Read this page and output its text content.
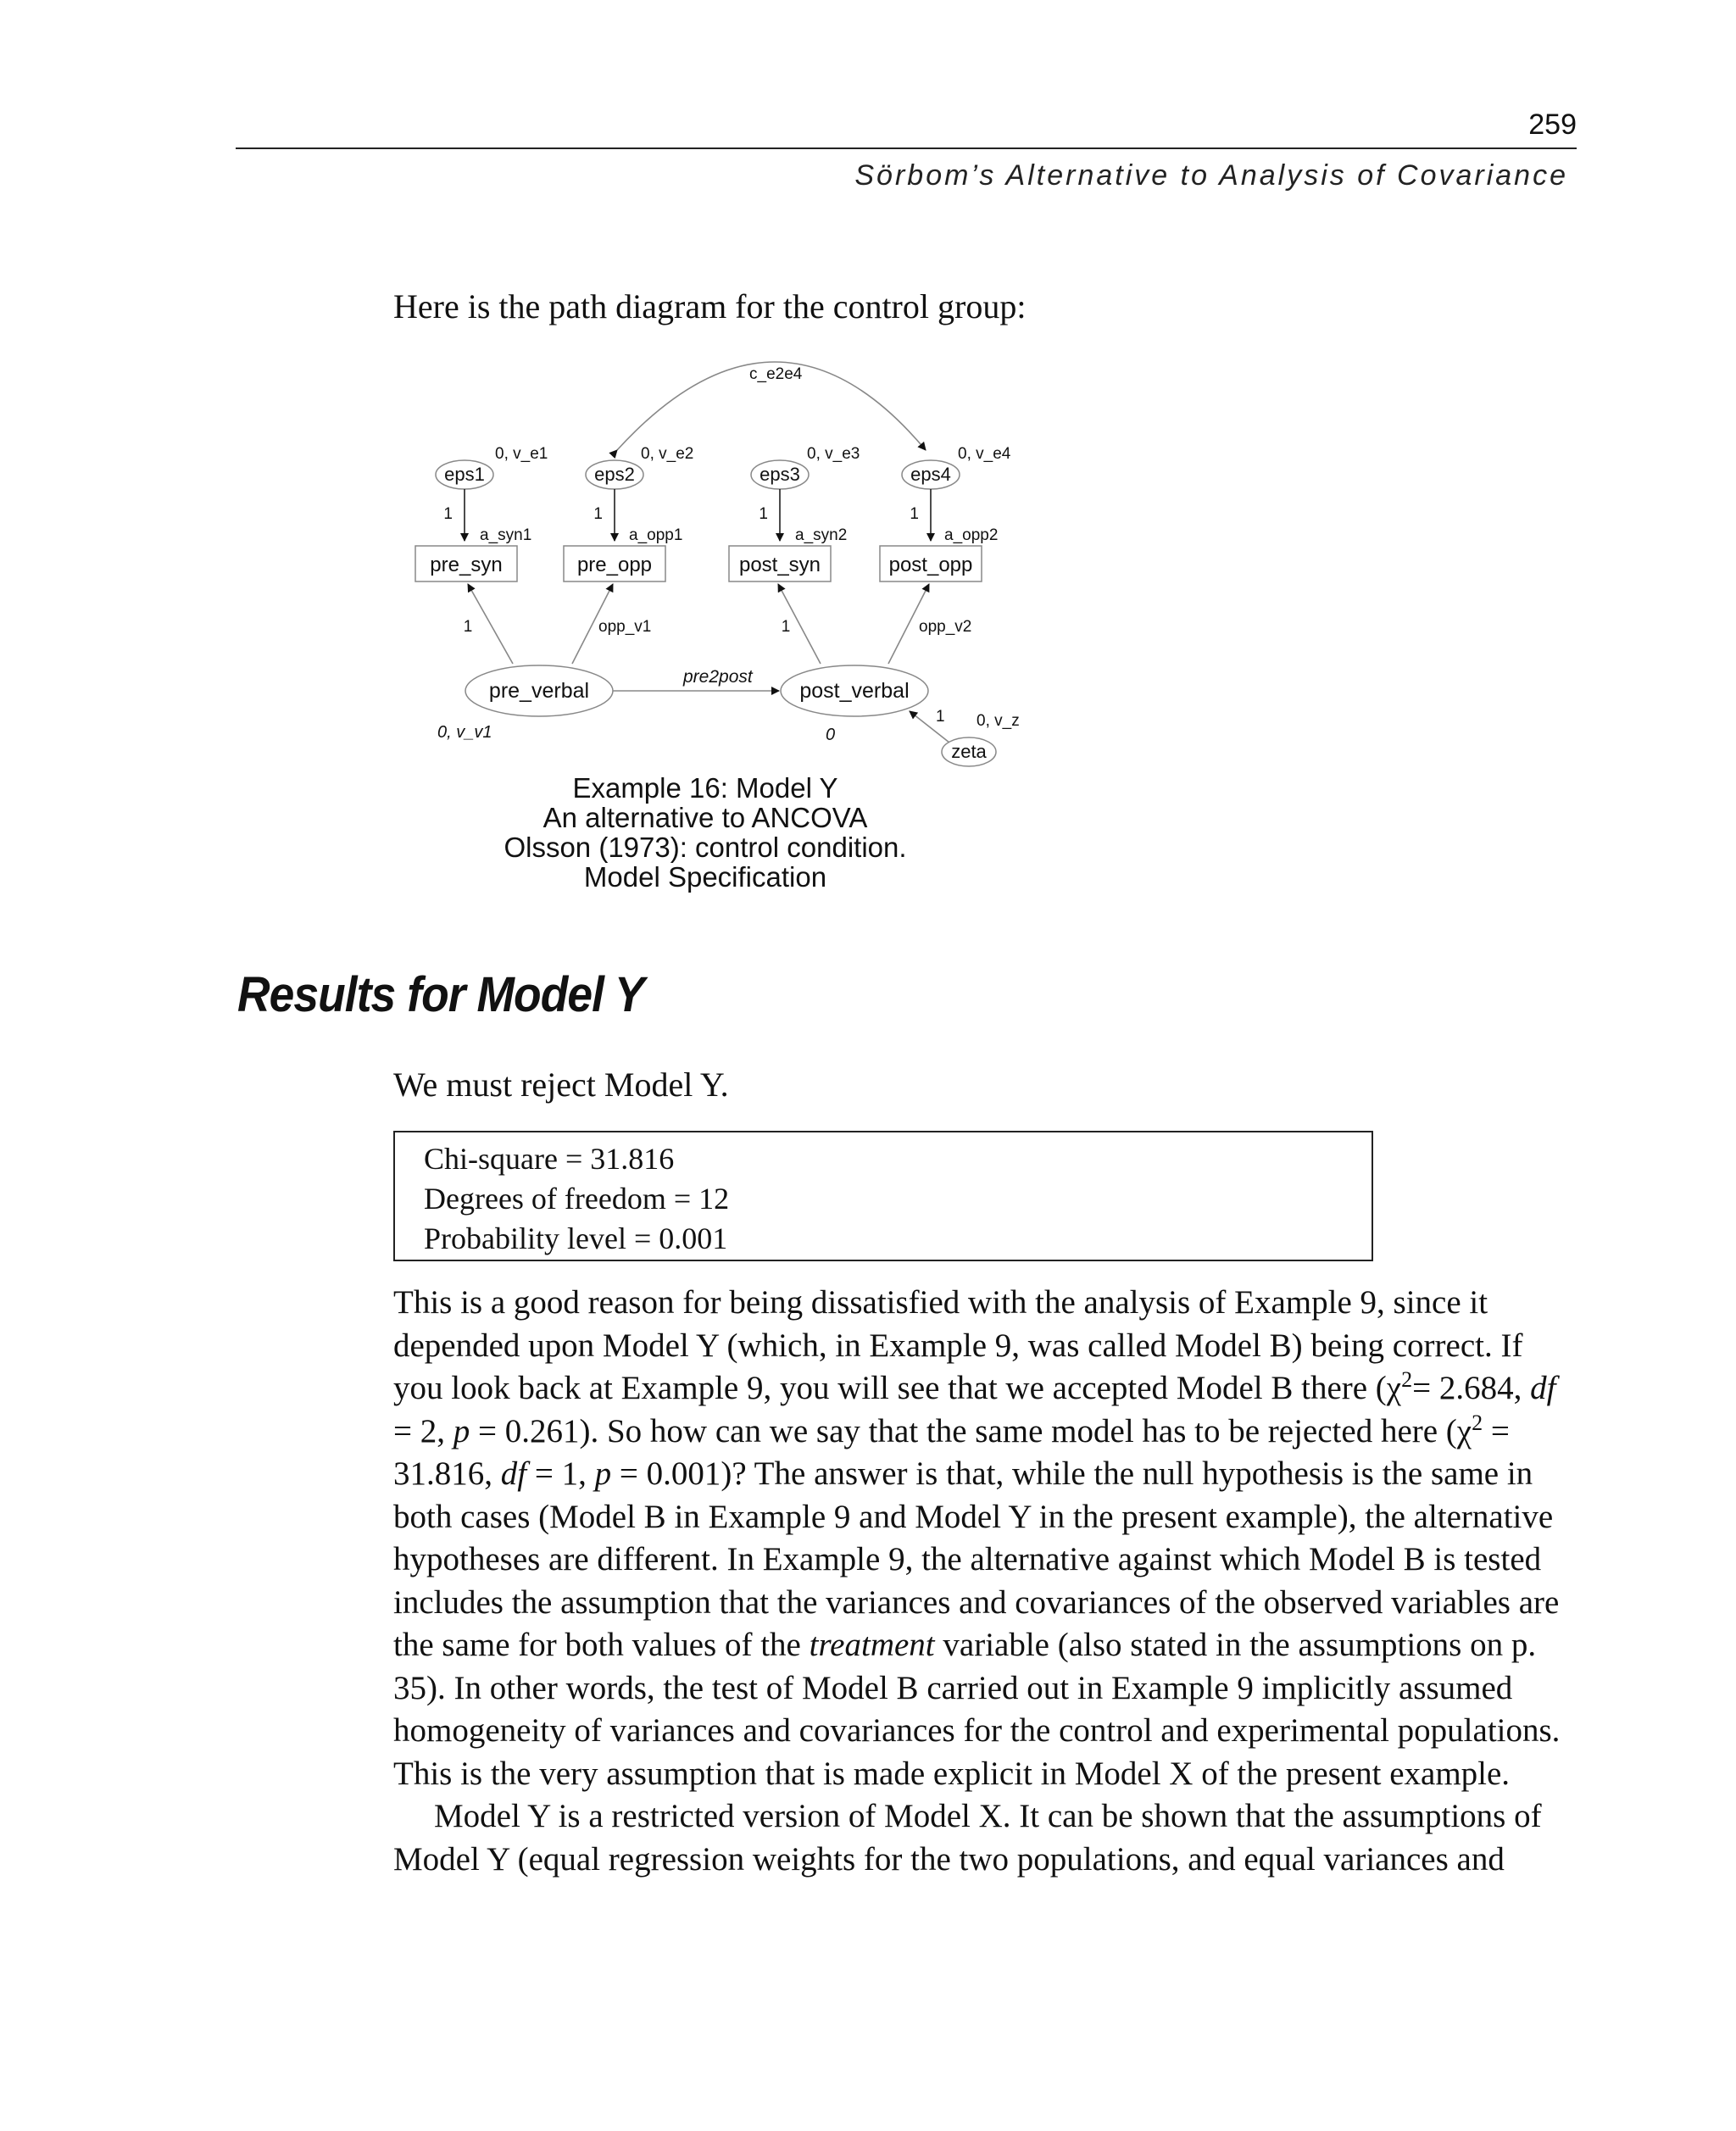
259
Sörbom’s Alternative to Analysis of Covariance
Here is the path diagram for the control group:
c_e2e4
eps1
0, v_e1
eps2
0, v_e2
eps3
0, v_e3
eps4
0, v_e4
1	1	1	1
a_syn1	a_opp1	a_syn2	a_opp2
pre_syn	pre_opp	post_syn	post_opp
1	opp_v1	1	opp_v2
pre_verbal
0, v_v1
post_verbal
0
pre2post
zeta
1 0, v_z
Example 16: Model Y
An alternative to ANCOVA
Olsson (1973): control condition.
Model Specification
Results for Model Y
We must reject Model Y.
Chi-square = 31.816
Degrees of freedom = 12
Probability level = 0.001

This is a good reason for being dissatisfied with the analysis of Example 9, since it depended upon Model Y (which, in Example 9, was called Model B) being correct. If you look back at Example 9, you will see that we accepted Model B there ($\chi^2= 2.684$, df = 2, p = 0.261). So how can we say that the same model has to be rejected here ($\chi^2 = 31.816$, df = 1, p = 0.001)? The answer is that, while the null hypothesis is the same in both cases (Model B in Example 9 and Model Y in the present example), the alternative hypotheses are different. In Example 9, the alternative against which Model B is tested includes the assumption that the variances and covariances of the observed variables are the same for both values of the treatment variable (also stated in the assumptions on p. 35). In other words, the test of Model B carried out in Example 9 implicitly assumed homogeneity of variances and covariances for the control and experimental populations. This is the very assumption that is made explicit in Model X of the present example.

Model Y is a restricted version of Model X. It can be shown that the assumptions of Model Y (equal regression weights for the two populations, and equal variances and
